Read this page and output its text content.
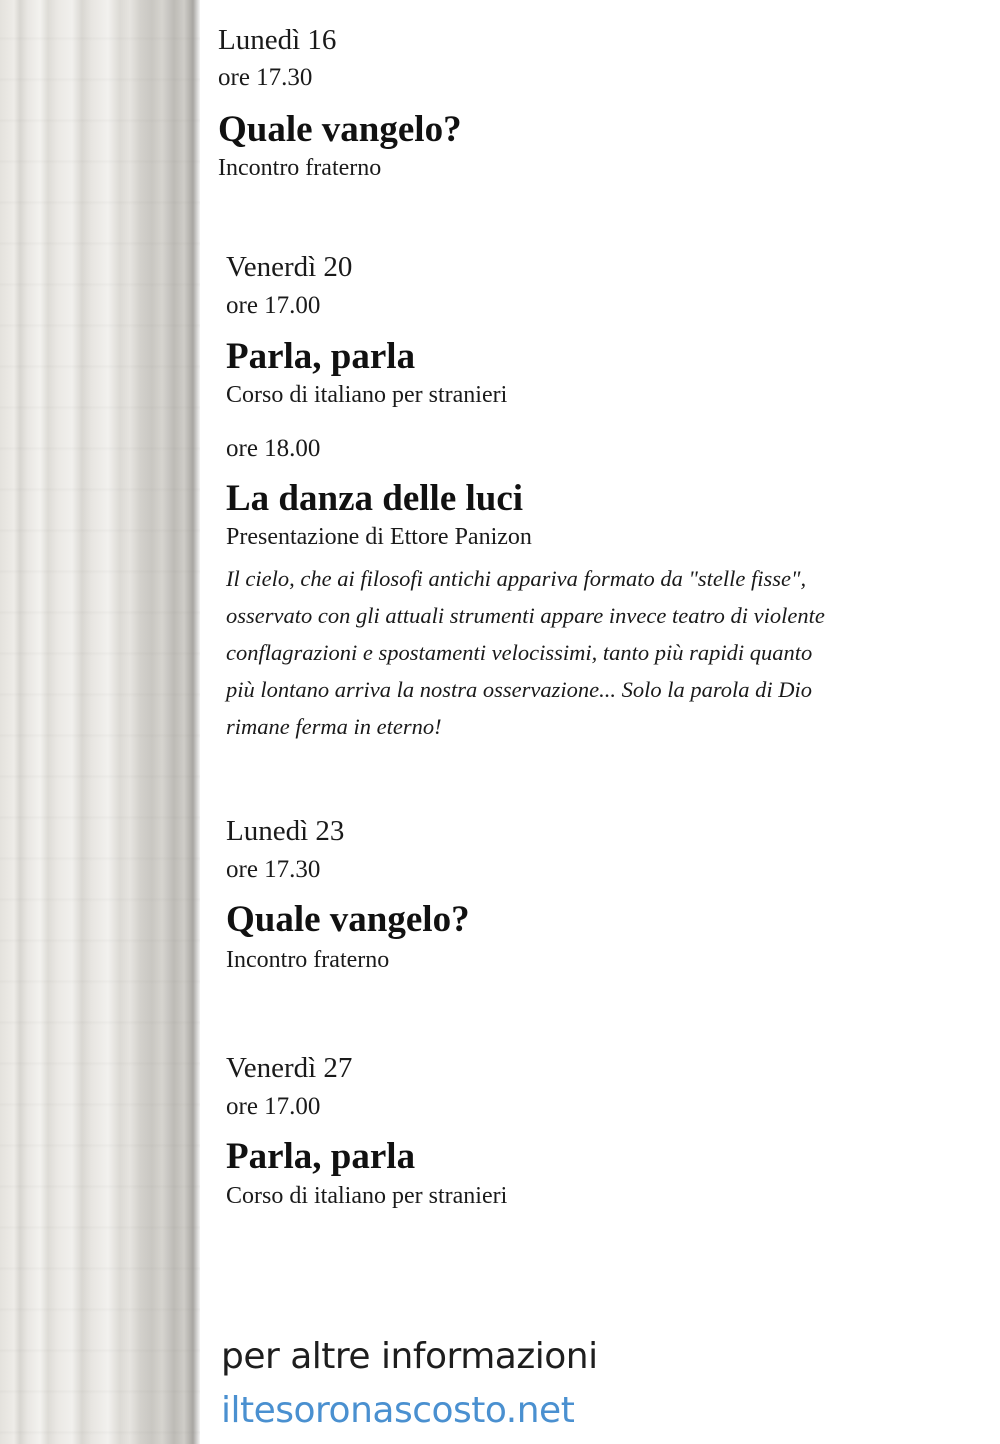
Lunedì 16

ore 17.30

Quale vangelo?

Incontro fraterno

Venerdì 20

ore 17.00

Parla, parla

Corso di italiano per stranieri

ore 18.00

La danza delle luci

Presentazione di Ettore Panizon

Il cielo, che ai filosofi antichi appariva formato da "stelle fisse",
osservato con gli attuali strumenti appare invece teatro di violente
conflagrazioni e spostamenti velocissimi, tanto più rapidi quanto
più lontano arriva la nostra osservazione... Solo la parola di Dio
rimane ferma in eterno!

Lunedì 23

ore 17.30

Quale vangelo?

Incontro fraterno

Venerdì 27

ore 17.00

Parla, parla

Corso di italiano per stranieri

per altre informazioni

iltesoronascosto.net
